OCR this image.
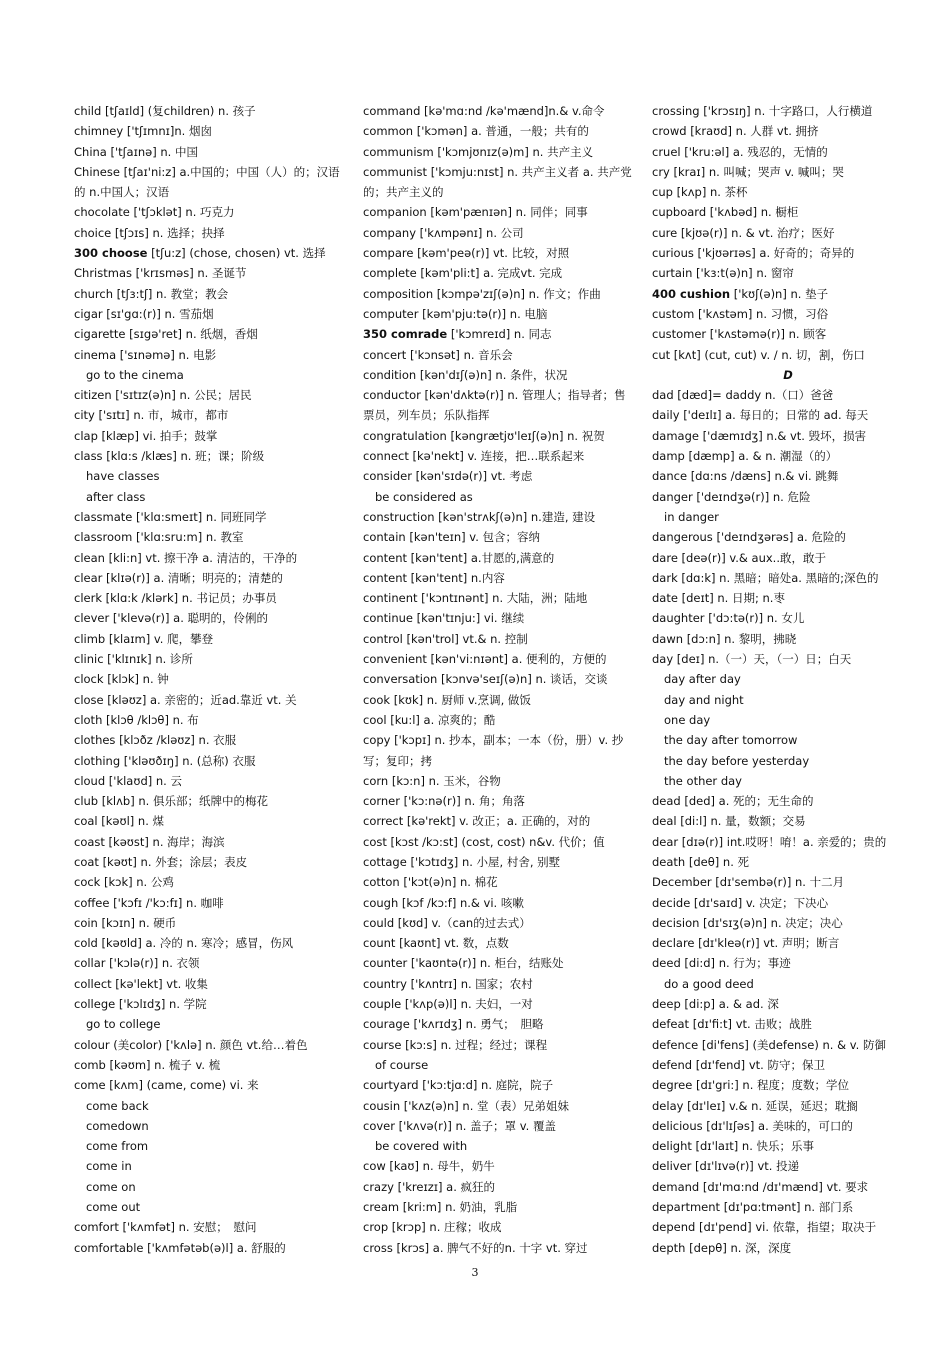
child [tʃaɪld] (复children) n. 孩子
chimney ['tʃɪmnɪ]n. 烟囱
China ['tʃaɪnə] n. 中国
Chinese [tʃaɪ'ni:z] a.中国的；中国（人）的；汉语的 n.中国人；汉语
chocolate ['tʃɔklət] n. 巧克力
choice [tʃɔɪs] n. 选择；抉择
300 choose [tʃu:z] (chose, chosen) vt. 选择
Christmas ['krɪsməs] n. 圣诞节
church [tʃɜ:tʃ] n. 教堂；教会
cigar [sɪ'gɑ:(r)] n. 雪茄烟
cigarette [sɪgə'ret] n. 纸烟，香烟
cinema ['sɪnəmə] n. 电影
go to the cinema
citizen ['sɪtɪz(ə)n] n. 公民；居民
city ['sɪtɪ] n. 市，城市，都市
clap [klæp] vi. 拍手；鼓掌
class [klɑ:s /klæs] n. 班；课；阶级
have classes
after class
classmate ['klɑ:smeɪt] n. 同班同学
classroom ['klɑ:sru:m] n. 教室
clean [kli:n] vt. 擦干净 a. 清洁的，干净的
clear [klɪə(r)] a. 清晰；明亮的；清楚的
clerk [klɑ:k /klərk] n. 书记员；办事员
clever ['klevə(r)] a. 聪明的，伶俐的
climb [klaɪm] v. 爬，攀登
clinic ['klɪnɪk] n. 诊所
clock [klɔk] n. 钟
close [kləʊz] a. 亲密的；近ad.靠近 vt. 关
cloth [klɔθ /klɔθ] n. 布
clothes [klɔðz /kləʊz] n. 衣服
clothing ['kləʊðɪŋ] n. (总称) 衣服
cloud ['klaʊd] n. 云
club [klʌb] n. 俱乐部；纸牌中的梅花
coal [kəʊl] n. 煤
coast [kəʊst] n. 海岸；海滨
coat [kəʊt] n. 外套；涂层；表皮
cock [kɔk] n. 公鸡
coffee ['kɔfɪ /'kɔ:fɪ] n. 咖啡
coin [kɔɪn] n. 硬币
cold [kəʊld] a. 冷的 n. 寒冷；感冒，伤风
collar ['kɔlə(r)] n. 衣领
collect [kə'lekt] vt. 收集
college ['kɔlɪdʒ] n. 学院
go to college
colour (美color) ['kʌlə] n. 颜色 vt.给…着色
comb [kəʊm] n. 梳子 v. 梳
come [kʌm] (came, come) vi. 来
come back
comedown
come from
come in
come on
come out
comfort ['kʌmfət] n. 安慰；　慰问
comfortable ['kʌmfətəb(ə)l] a. 舒服的
command [kə'mɑ:nd /kə'mænd]n.& v.命令
common ['kɔmən] a. 普通，一般；共有的
communism ['kɔmjʊnɪz(ə)m] n. 共产主义
communist ['kɔmju:nɪst] n. 共产主义者 a. 共产党的；共产主义的
companion [kəm'pænɪən] n. 同伴；同事
company ['kʌmpənɪ] n. 公司
compare [kəm'peə(r)] vt. 比较，对照
complete [kəm'pli:t] a. 完成vt. 完成
composition [kɔmpə'zɪʃ(ə)n] n. 作文；作曲
computer [kəm'pju:tə(r)] n. 电脑
350 comrade ['kɔmreɪd] n. 同志
concert ['kɔnsət] n. 音乐会
condition [kən'dɪʃ(ə)n] n. 条件，状况
conductor [kən'dʌktə(r)] n. 管理人；指导者；售票员，列车员；乐队指挥
congratulation [kəngrætjʊ'leɪʃ(ə)n] n. 祝贺
connect [kə'nekt] v. 连接，把…联系起来
consider [kən'sɪdə(r)] vt. 考虑
be considered as
construction [kən'strʌkʃ(ə)n] n.建造, 建设
contain [kən'teɪn] v. 包含；容纳
content [kən'tent] a.甘愿的,满意的
content [kən'tent] n.内容
continent ['kɔntɪnənt] n. 大陆，洲；陆地
continue [kən'tɪnju:] vi. 继续
control [kən'trol] vt.& n. 控制
convenient [kən'vi:nɪənt] a. 便利的，方便的
conversation [kɔnvə'seɪʃ(ə)n] n. 谈话，交谈
cook [kʊk] n. 厨师 v.烹调, 做饭
cool [ku:l] a. 凉爽的；酷
copy ['kɔpɪ] n. 抄本，副本；一本（份，册）v. 抄写；复印；拷
corn [kɔ:n] n. 玉米，谷物
corner ['kɔ:nə(r)] n. 角；角落
correct [kə'rekt] v. 改正；a. 正确的，对的
cost [kɔst /kɔ:st] (cost, cost) n&v. 代价；值
cottage ['kɔtɪdʒ] n. 小屋, 村舍, 别墅
cotton ['kɔt(ə)n] n. 棉花
cough [kɔf /kɔ:f] n.& vi. 咳嗽
could [kʊd] v.（can的过去式）
count [kaʊnt] vt. 数，点数
counter ['kaʊntə(r)] n. 柜台，结账处
country ['kʌntrɪ] n. 国家；农村
couple ['kʌp(ə)l] n. 夫妇，一对
courage ['kʌrɪdʒ] n. 勇气；　胆略
course [kɔ:s] n. 过程；经过；课程
of course
courtyard ['kɔ:tjɑ:d] n. 庭院，院子
cousin ['kʌz(ə)n] n. 堂（表）兄弟姐妹
cover ['kʌvə(r)] n. 盖子；罩 v. 覆盖
be covered with
cow [kaʊ] n. 母牛，奶牛
crazy ['kreɪzɪ] a. 疯狂的
cream [kri:m] n. 奶油，乳脂
crop [krɔp] n. 庄稼；收成
cross [krɔs] a. 脾气不好的n. 十字 vt. 穿过
crossing ['krɔsɪŋ] n. 十字路口，人行横道
crowd [kraʊd] n. 人群 vt. 拥挤
cruel ['kru:əl] a. 残忍的，无情的
cry [kraɪ] n. 叫喊；哭声 v. 喊叫；哭
cup [kʌp] n. 茶杯
cupboard ['kʌbəd] n. 橱柜
cure [kjʊə(r)] n. & vt. 治疗；医好
curious ['kjʊərɪəs] a. 好奇的；奇异的
curtain ['kɜ:t(ə)n] n. 窗帘
400 cushion ['kʊʃ(ə)n] n. 垫子
custom ['kʌstəm] n. 习惯，习俗
customer ['kʌstəmə(r)] n. 顾客
cut [kʌt] (cut, cut) v. / n. 切，割，伤口
D
dad [dæd]= daddy n.（口）爸爸
daily ['deɪlɪ] a. 每日的；日常的 ad. 每天
damage ['dæmɪdʒ] n.& vt. 毁坏，损害
damp [dæmp] a. & n. 潮湿（的）
dance [dɑ:ns /dæns] n.& vi. 跳舞
danger ['deɪndʒə(r)] n. 危险
in danger
dangerous ['deɪndʒərəs] a. 危险的
dare [deə(r)] v.& aux..敢，敢于
dark [dɑ:k] n. 黑暗；暗处a. 黑暗的;深色的
date [deɪt] n. 日期; n.枣
daughter ['dɔ:tə(r)] n. 女儿
dawn [dɔ:n] n. 黎明，拂晓
day [deɪ] n.（一）天，（一）日；白天
day after day
day and night
one day
the day after tomorrow
the day before yesterday
the other day
dead [ded] a. 死的；无生命的
deal [di:l] n. 量，数额；交易
dear [dɪə(r)] int.哎呀！唷！a. 亲爱的；贵的
death [deθ] n. 死
December [dɪ'sembə(r)] n. 十二月
decide [dɪ'saɪd] v. 决定；下决心
decision [dɪ'sɪʒ(ə)n] n. 决定；决心
declare [dɪ'kleə(r)] vt. 声明；断言
deed [di:d] n. 行为；事迹
do a good deed
deep [di:p] a. & ad. 深
defeat [dɪ'fi:t] vt. 击败；战胜
defence [di'fens] (美defense) n. & v. 防御
defend [dɪ'fend] vt. 防守；保卫
degree [dɪ'gri:] n. 程度；度数；学位
delay [dɪ'leɪ] v.& n. 延误，延迟；耽搁
delicious [dɪ'lɪʃəs] a. 美味的，可口的
delight [dɪ'laɪt] n. 快乐；乐事
deliver [dɪ'lɪvə(r)] vt. 投递
demand [dɪ'mɑ:nd /dɪ'mænd] vt. 要求
department [dɪ'pɑ:tmənt] n. 部门系
depend [dɪ'pend] vi. 依靠，指望；取决于
depth [depθ] n. 深，深度
3
